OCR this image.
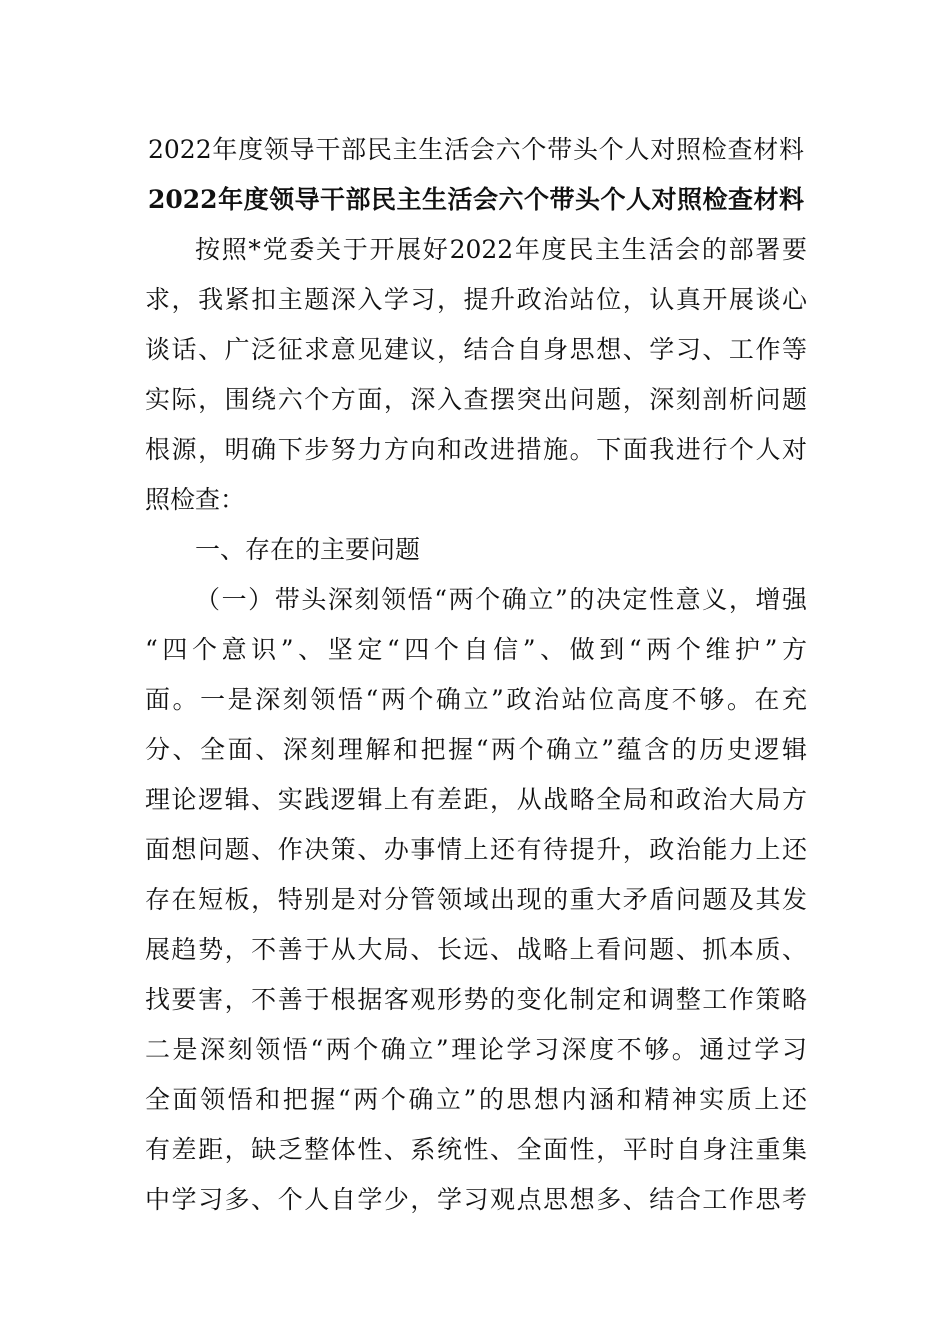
2022年度领导干部民主生活会六个带头个人对照检查材料
2022年度领导干部民主生活会六个带头个人对照检查材料
按照*党委关于开展好2022年度民主生活会的部署要
求，我紧扣主题深入学习，提升政治站位，认真开展谈心
谈话、广泛征求意见建议，结合自身思想、学习、工作等
实际，围绕六个方面，深入查摆突出问题，深刻剖析问题
根源，明确下步努力方向和改进措施。下面我进行个人对
照检查：
一、存在的主要问题
（一）带头深刻领悟“两个确立”的决定性意义，增强
“四个意识”、坚定“四个自信”、做到“两个维护”方
面。一是深刻领悟“两个确立”政治站位高度不够。在充
分、全面、深刻理解和把握“两个确立”蕴含的历史逻辑
理论逻辑、实践逻辑上有差距，从战略全局和政治大局方
面想问题、作决策、办事情上还有待提升，政治能力上还
存在短板，特别是对分管领域出现的重大矛盾问题及其发
展趋势，不善于从大局、长远、战略上看问题、抓本质、
找要害，不善于根据客观形势的变化制定和调整工作策略
二是深刻领悟“两个确立”理论学习深度不够。通过学习
全面领悟和把握“两个确立”的思想内涵和精神实质上还
有差距，缺乏整体性、系统性、全面性，平时自身注重集
中学习多、个人自学少，学习观点思想多、结合工作思考
